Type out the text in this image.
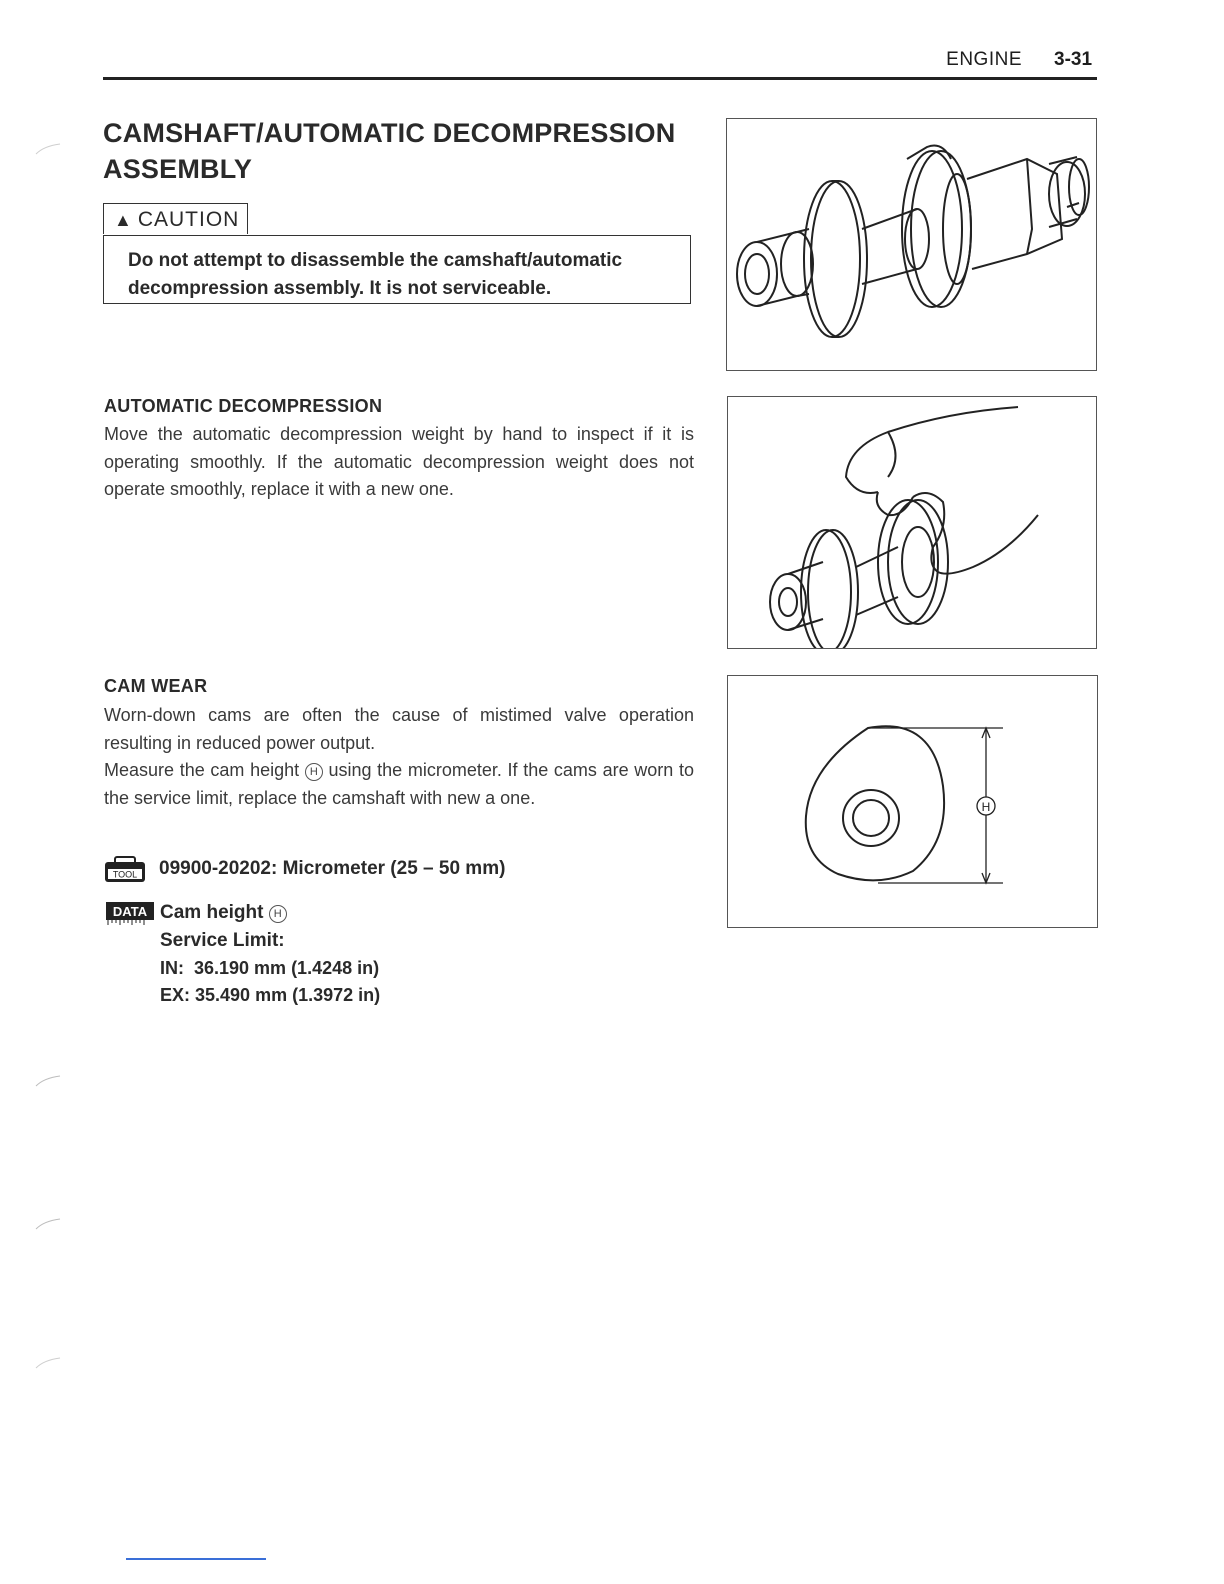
ENGINE 3-31
CAMSHAFT/AUTOMATIC DECOMPRESSION
ASSEMBLY
▲ CAUTION
Do not attempt to disassemble the camshaft/automatic
decompression assembly. It is not serviceable.
AUTOMATIC DECOMPRESSION

Move the automatic decompression weight by hand to inspect if it is operating smoothly. If the automatic decompression weight does not operate smoothly, replace it with a new one.

CAM WEAR

Worn-down cams are often the cause of mistimed valve operation resulting in reduced power output.

Measure the cam height H using the micrometer. If the cams are worn to the service limit, replace the camshaft with new a one.

TOOL 09900-20202: Micrometer (25 – 50 mm)
DATA Cam height H
Service Limit:
IN:  36.190 mm (1.4248 in)
EX: 35.490 mm (1.3972 in)
H
